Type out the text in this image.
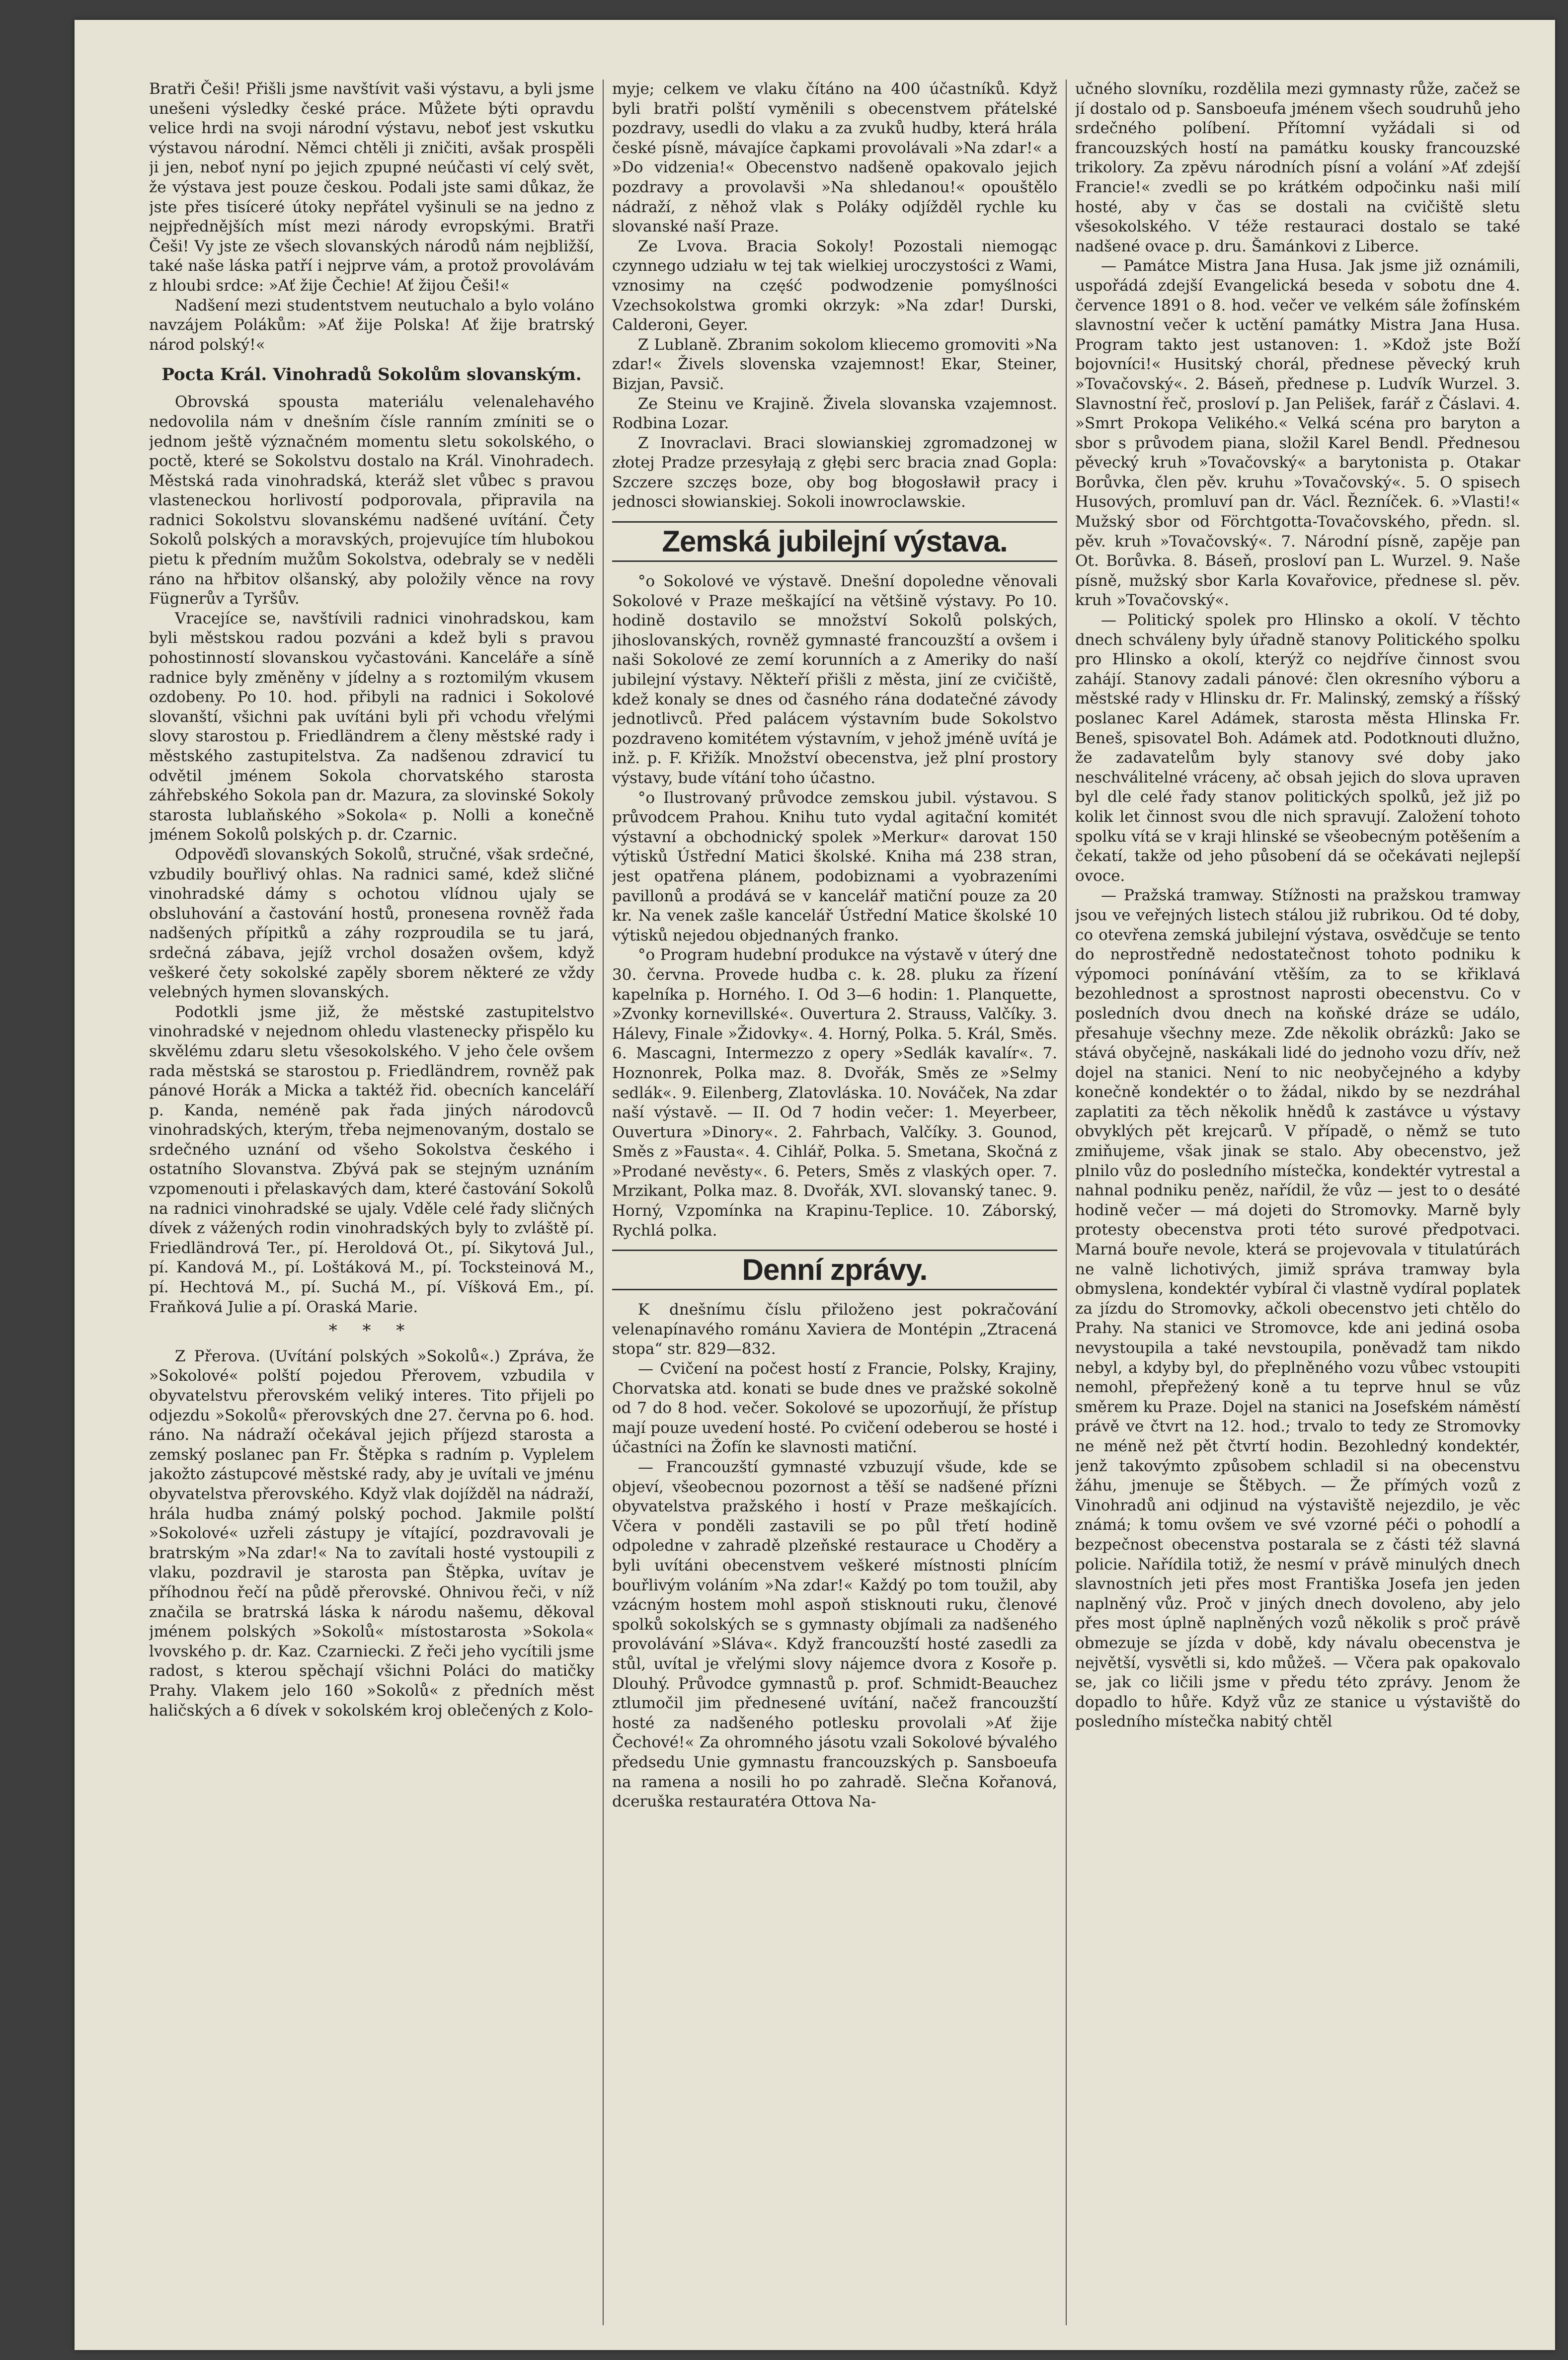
Bratři Češi! Přišli jsme navštívit vaši výstavu, a byli jsme unešeni výsledky české práce. Můžete býti opravdu velice hrdi na svoji národní výstavu, neboť jest vskutku výstavou národní. Němci chtěli ji zničiti, avšak prospěli ji jen, neboť nyní po jejich zpupné neúčasti ví celý svět, že výstava jest pouze českou. Podali jste sami důkaz, že jste přes tisíceré útoky nepřátel vyšinuli se na jedno z nejpřednějších míst mezi národy evropskými. Bratři Češi! Vy jste ze všech slovanských národů nám nejbližší, také naše láska patří i nejprve vám, a protož provolávám z hloubi srdce: »Ať žije Čechie! Ať žijou Češi!«

Nadšení mezi studentstvem neutuchalo a bylo voláno navzájem Polákům: »Ať žije Polska! Ať žije bratrský národ polský!«

Pocta Král. Vinohradů Sokolům slovanským.

Obrovská spousta materiálu velenalehavého nedovolila nám v dnešním čísle ranním zmíniti se o jednom ještě význačném momentu sletu sokolského, o poctě, které se Sokolstvu dostalo na Král. Vinohradech. Městská rada vinohradská, kteráž slet vůbec s pravou vlasteneckou horlivostí podporovala, připravila na radnici Sokolstvu slovanskému nadšené uvítání. Čety Sokolů polských a moravských, projevujíce tím hlubokou pietu k předním mužům Sokolstva, odebraly se v neděli ráno na hřbitov olšanský, aby položily věnce na rovy Fügnerův a Tyršův.

Vracejíce se, navštívili radnici vinohradskou, kam byli městskou radou pozváni a kdež byli s pravou pohostinností slovanskou vyčastováni. Kanceláře a síně radnice byly změněny v jídelny a s roztomilým vkusem ozdobeny. Po 10. hod. přibyli na radnici i Sokolové slovanští, všichni pak uvítáni byli při vchodu vřelými slovy starostou p. Friedländrem a členy městské rady i městského zastupitelstva. Za nadšenou zdravicí tu odvětil jménem Sokola chorvatského starosta záhřebského Sokola pan dr. Mazura, za slovinské Sokoly starosta lublaňského »Sokola« p. Nolli a konečně jménem Sokolů polských p. dr. Czarnic.

Odpověďi slovanských Sokolů, stručné, však srdečné, vzbudily bouřlivý ohlas. Na radnici samé, kdež sličné vinohradské dámy s ochotou vlídnou ujaly se obsluhování a častování hostů, pronesena rovněž řada nadšených přípitků a záhy rozproudila se tu jará, srdečná zábava, jejíž vrchol dosažen ovšem, když veškeré čety sokolské zapěly sborem některé ze vždy velebných hymen slovanských.

Podotkli jsme již, že městské zastupitelstvo vinohradské v nejednom ohledu vlastenecky přispělo ku skvělému zdaru sletu všesokolského. V jeho čele ovšem rada městská se starostou p. Friedländrem, rovněž pak pánové Horák a Micka a taktéž řid. obecních kanceláří p. Kanda, neméně pak řada jiných národovců vinohradských, kterým, třeba nejmenovaným, dostalo se srdečného uznání od všeho Sokolstva českého i ostatního Slovanstva. Zbývá pak se stejným uznáním vzpomenouti i přelaskavých dam, které častování Sokolů na radnici vinohradské se ujaly. Vděle celé řady sličných dívek z vážených rodin vinohradských byly to zvláště pí. Friedländrová Ter., pí. Heroldová Ot., pí. Sikytová Jul., pí. Kandová M., pí. Loštáková M., pí. Tocksteinová M., pí. Hechtová M., pí. Suchá M., pí. Víšková Em., pí. Fraňková Julie a pí. Oraská Marie.

* * *

Z Přerova. (Uvítání polských »Sokolů«.) Zpráva, že »Sokolové« polští pojedou Přerovem, vzbudila v obyvatelstvu přerovském veliký interes. Tito přijeli po odjezdu »Sokolů« přerovských dne 27. června po 6. hod. ráno. Na nádraží očekával jejich příjezd starosta a zemský poslanec pan Fr. Štěpka s radním p. Vyplelem jakožto zástupcové městské rady, aby je uvítali ve jménu obyvatelstva přerovského. Když vlak dojížděl na nádraží, hrála hudba známý polský pochod. Jakmile polští »Sokolové« uzřeli zástupy je vítající, pozdravovali je bratrským »Na zdar!« Na to zavítali hosté vystoupili z vlaku, pozdravil je starosta pan Štěpka, uvítav je příhodnou řečí na půdě přerovské. Ohnivou řeči, v níž značila se bratrská láska k národu našemu, děkoval jménem polských »Sokolů« místostarosta »Sokola« lvovského p. dr. Kaz. Czarniecki. Z řeči jeho vycítili jsme radost, s kterou spěchají všichni Poláci do matičky Prahy. Vlakem jelo 160 »Sokolů« z předních měst haličských a 6 dívek v sokolském kroj oblečených z Kolo-

myje; celkem ve vlaku čítáno na 400 účastníků. Když byli bratři polští vyměnili s obecenstvem přátelské pozdravy, usedli do vlaku a za zvuků hudby, která hrála české písně, mávajíce čapkami provolávali »Na zdar!« a »Do vidzenia!« Obecenstvo nadšeně opakovalo jejich pozdravy a provolavši »Na shledanou!« opouštělo nádraží, z něhož vlak s Poláky odjížděl rychle ku slovanské naší Praze.

Ze Lvova. Bracia Sokoly! Pozostali niemogąc czynnego udziału w tej tak wielkiej uroczystości z Wami, vznosimy na część podwodzenie pomyślności Vzechsokolstwa gromki okrzyk: »Na zdar! Durski, Calderoni, Geyer.

Z Lublaně. Zbranim sokolom kliecemo gromoviti »Na zdar!« Živels slovenska vzajemnost! Ekar, Steiner, Bizjan, Pavsič.

Ze Steinu ve Krajině. Živela slovanska vzajemnost. Rodbina Lozar.

Z Inovraclavi. Braci slowianskiej zgromadzonej w złotej Pradze przesyłają z głębi serc bracia znad Gopla: Szczere szczęs boze, oby bog błogosławił pracy i jednosci słowianskiej. Sokoli inowroclawskie.

Zemská jubilejní výstava.

°o Sokolové ve výstavě. Dnešní dopoledne věnovali Sokolové v Praze meškající na většině výstavy. Po 10. hodině dostavilo se množství Sokolů polských, jihoslovanských, rovněž gymnasté francouzští a ovšem i naši Sokolové ze zemí korunních a z Ameriky do naší jubilejní výstavy. Někteří přišli z města, jiní ze cvičiště, kdež konaly se dnes od časného rána dodatečné závody jednotlivců. Před palácem výstavním bude Sokolstvo pozdraveno komitétem výstavním, v jehož jméně uvítá je inž. p. F. Křižík. Množství obecenstva, jež plní prostory výstavy, bude vítání toho účastno.

°o Ilustrovaný průvodce zemskou jubil. výstavou. S průvodcem Prahou. Knihu tuto vydal agitační komitét výstavní a obchodnický spolek »Merkur« darovat 150 výtisků Ústřední Matici školské. Kniha má 238 stran, jest opatřena plánem, podobiznami a vyobrazeními pavillonů a prodává se v kancelář matiční pouze za 20 kr. Na venek zašle kancelář Ústřední Matice školské 10 výtisků nejedou objednaných franko.

°o Program hudební produkce na výstavě v úterý dne 30. června. Provede hudba c. k. 28. pluku za řízení kapelníka p. Horného. I. Od 3—6 hodin: 1. Planquette, »Zvonky kornevillské«. Ouvertura 2. Strauss, Valčíky. 3. Hálevy, Finale »Židovky«. 4. Horný, Polka. 5. Král, Směs. 6. Mascagni, Intermezzo z opery »Sedlák kavalír«. 7. Hoznonrek, Polka maz. 8. Dvořák, Směs ze »Selmy sedlák«. 9. Eilenberg, Zlatovláska. 10. Nováček, Na zdar naší výstavě. — II. Od 7 hodin večer: 1. Meyerbeer, Ouvertura »Dinory«. 2. Fahrbach, Valčíky. 3. Gounod, Směs z »Fausta«. 4. Cihlář, Polka. 5. Smetana, Skočná z »Prodané nevěsty«. 6. Peters, Směs z vlaských oper. 7. Mrzikant, Polka maz. 8. Dvořák, XVI. slovanský tanec. 9. Horný, Vzpomínka na Krapinu-Teplice. 10. Záborský, Rychlá polka.

Denní zprávy.

K dnešnímu číslu přiloženo jest pokračování velenapínavého románu Xaviera de Montépin „Ztracená stopa“ str. 829—832.

— Cvičení na počest hostí z Francie, Polsky, Krajiny, Chorvatska atd. konati se bude dnes ve pražské sokolně od 7 do 8 hod. večer. Sokolové se upozorňují, že přístup mají pouze uvedení hosté. Po cvičení odeberou se hosté i účastníci na Žofín ke slavnosti matiční.

— Francouzští gymnasté vzbuzují všude, kde se objeví, všeobecnou pozornost a těší se nadšené přízni obyvatelstva pražského i hostí v Praze meškajících. Včera v ponděli zastavili se po půl třetí hodině odpoledne v zahradě plzeňské restaurace u Choděry a byli uvítáni obecenstvem veškeré místnosti plnícím bouřlivým voláním »Na zdar!« Každý po tom toužil, aby vzácným hostem mohl aspoň stisknouti ruku, členové spolků sokolských se s gymnasty objímali za nadšeného provolávání »Sláva«. Když francouzští hosté zasedli za stůl, uvítal je vřelými slovy nájemce dvora z Kosoře p. Dlouhý. Průvodce gymnastů p. prof. Schmidt-Beauchez ztlumočil jim přednesené uvítání, načež francouzští hosté za nadšeného potlesku provolali »Ať žije Čechové!« Za ohromného jásotu vzali Sokolové bývalého předsedu Unie gymnastu francouzských p. Sansboeufa na ramena a nosili ho po zahradě. Slečna Kořanová, dceruška restauratéra Ottova Na-

učného slovníku, rozdělila mezi gymnasty růže, začež se jí dostalo od p. Sansboeufa jménem všech soudruhů jeho srdečného políbení. Přítomní vyžádali si od francouzských hostí na památku kousky francouzské trikolory. Za zpěvu národních písní a volání »Ať zdejší Francie!« zvedli se po krátkém odpočinku naši milí hosté, aby v čas se dostali na cvičiště sletu všesokolského. V téže restauraci dostalo se také nadšené ovace p. dru. Šamánkovi z Liberce.

— Památce Mistra Jana Husa. Jak jsme již oznámili, uspořádá zdejší Evangelická beseda v sobotu dne 4. července 1891 o 8. hod. večer ve velkém sále žofínském slavnostní večer k uctění památky Mistra Jana Husa. Program takto jest ustanoven: 1. »Kdož jste Boží bojovníci!« Husitský chorál, přednese pěvecký kruh »Tovačovský«. 2. Báseň, přednese p. Ludvík Wurzel. 3. Slavnostní řeč, prosloví p. Jan Pelišek, farář z Čáslavi. 4. »Smrt Prokopa Velikého.« Velká scéna pro baryton a sbor s průvodem piana, složil Karel Bendl. Přednesou pěvecký kruh »Tovačovský« a barytonista p. Otakar Borůvka, člen pěv. kruhu »Tovačovský«. 5. O spisech Husových, promluví pan dr. Václ. Řezníček. 6. »Vlasti!« Mužský sbor od Förchtgotta-Tovačovského, předn. sl. pěv. kruh »Tovačovský«. 7. Národní písně, zapěje pan Ot. Borůvka. 8. Báseň, prosloví pan L. Wurzel. 9. Naše písně, mužský sbor Karla Kovařovice, přednese sl. pěv. kruh »Tovačovský«.

— Politický spolek pro Hlinsko a okolí. V těchto dnech schváleny byly úřadně stanovy Politického spolku pro Hlinsko a okolí, kterýž co nejdříve činnost svou zahájí. Stanovy zadali pánové: člen okresního výboru a městské rady v Hlinsku dr. Fr. Malinský, zemský a říšský poslanec Karel Adámek, starosta města Hlinska Fr. Beneš, spisovatel Boh. Adámek atd. Podotknouti dlužno, že zadavatelům byly stanovy své doby jako neschválitelné vráceny, ač obsah jejich do slova upraven byl dle celé řady stanov politických spolků, jež již po kolik let činnost svou dle nich spravují. Založení tohoto spolku vítá se v kraji hlinské se všeobecným potěšením a čekatí, takže od jeho působení dá se očekávati nejlepší ovoce.

— Pražská tramway. Stížnosti na pražskou tramway jsou ve veřejných listech stálou již rubrikou. Od té doby, co otevřena zemská jubilejní výstava, osvědčuje se tento do neprostředně nedostatečnost tohoto podniku k výpomoci ponínávání vtěším, za to se křiklavá bezohlednost a sprostnost naprosti obecenstvu. Co v posledních dvou dnech na koňské dráze se událo, přesahuje všechny meze. Zde několik obrázků: Jako se stává obyčejně, naskákali lidé do jednoho vozu dřív, než dojel na stanici. Není to nic neobyčejného a kdyby konečně kondektér o to žádal, nikdo by se nezdráhal zaplatiti za těch několik hnědů k zastávce u výstavy obvyklých pět krejcarů. V případě, o němž se tuto zmiňujeme, však jinak se stalo. Aby obecenstvo, jež plnilo vůz do posledního místečka, kondektér vytrestal a nahnal podniku peněz, nařídil, že vůz — jest to o desáté hodině večer — má dojeti do Stromovky. Marně byly protesty obecenstva proti této surové předpotvaci. Marná bouře nevole, která se projevovala v titulatúrách ne valně lichotivých, jimiž správa tramway byla obmyslena, kondektér vybíral či vlastně vydíral poplatek za jízdu do Stromovky, ačkoli obecenstvo jeti chtělo do Prahy. Na stanici ve Stromovce, kde ani jediná osoba nevystoupila a také nevstoupila, poněvadž tam nikdo nebyl, a kdyby byl, do přeplněného vozu vůbec vstoupiti nemohl, přepřežený koně a tu teprve hnul se vůz směrem ku Praze. Dojel na stanici na Josefském náměstí právě ve čtvrt na 12. hod.; trvalo to tedy ze Stromovky ne méně než pět čtvrtí hodin. Bezohledný kondektér, jenž takovýmto způsobem schladil si na obecenstvu žáhu, jmenuje se Štěbych. — Že přímých vozů z Vinohradů ani odjinud na výstaviště nejezdilo, je věc známá; k tomu ovšem ve své vzorné péči o pohodlí a bezpečnost obecenstva postarala se z části též slavná policie. Nařídila totiž, že nesmí v právě minulých dnech slavnostních jeti přes most Františka Josefa jen jeden naplněný vůz. Proč v jiných dnech dovoleno, aby jelo přes most úplně naplněných vozů několik s proč právě obmezuje se jízda v době, kdy návalu obecenstva je největší, vysvětli si, kdo můžeš. — Včera pak opakovalo se, jak co ličili jsme v předu této zprávy. Jenom že dopadlo to hůře. Když vůz ze stanice u výstaviště do posledního místečka nabitý chtěl
